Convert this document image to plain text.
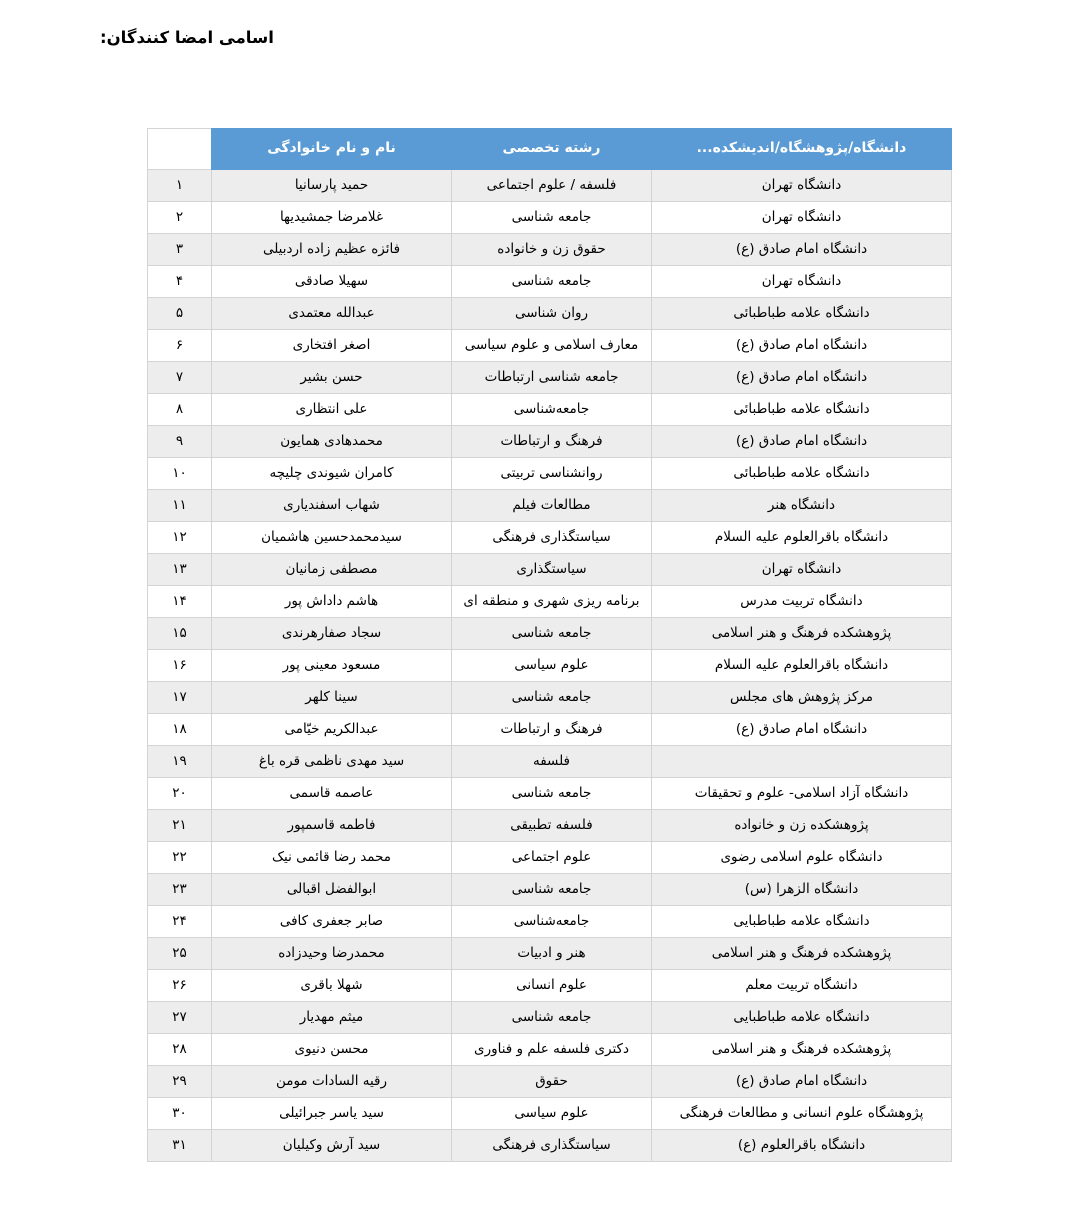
اسامی امضا کنندگان:
دانشگاه/پژوهشگاه/اندیشکده...	رشته تخصصی	نام و نام خانوادگی	
دانشگاه تهران	فلسفه / علوم اجتماعی	حمید پارسانیا	۱
دانشگاه تهران	جامعه شناسی	غلامرضا جمشیدیها	۲
دانشگاه امام صادق (ع)	حقوق زن و خانواده	فائزه عظیم زاده اردبیلی	۳
دانشگاه تهران	جامعه شناسی	سهیلا صادقی	۴
دانشگاه علامه طباطبائی	روان شناسی	عبدالله معتمدی	۵
دانشگاه امام صادق (ع)	معارف اسلامی و علوم سیاسی	اصغر افتخاری	۶
دانشگاه امام صادق (ع)	جامعه شناسی ارتباطات	حسن بشیر	۷
دانشگاه علامه طباطبائی	جامعه‌شناسی	علی انتظاری	۸
دانشگاه امام صادق (ع)	فرهنگ و ارتباطات	محمدهادی همایون	۹
دانشگاه علامه طباطبائی	روانشناسی تربیتی	کامران شیوندی چلیچه	۱۰
دانشگاه هنر	مطالعات فیلم	شهاب اسفندیاری	۱۱
دانشگاه باقرالعلوم علیه السلام	سیاستگذاری فرهنگی	سیدمحمدحسین هاشمیان	۱۲
دانشگاه تهران	سیاستگذاری	مصطفی زمانیان	۱۳
دانشگاه تربیت مدرس	برنامه ریزی شهری و منطقه ای	هاشم داداش پور	۱۴
پژوهشکده فرهنگ و هنر اسلامی	جامعه شناسی	سجاد صفارهرندی	۱۵
دانشگاه باقرالعلوم علیه السلام	علوم سیاسی	مسعود معینی پور	۱۶
مرکز پژوهش های مجلس	جامعه شناسی	سینا کلهر	۱۷
دانشگاه امام صادق (ع)	فرهنگ و ارتباطات	عبدالکریم خیّامی	۱۸
	فلسفه	سید مهدی ناظمی قره باغ	۱۹
دانشگاه آزاد اسلامی- علوم و تحقیقات	جامعه شناسی	عاصمه قاسمی	۲۰
پژوهشکده زن و خانواده	فلسفه تطبیقی	فاطمه قاسمپور	۲۱
دانشگاه علوم اسلامی رضوی	علوم اجتماعی	محمد رضا قائمی نیک	۲۲
دانشگاه الزهرا (س)	جامعه شناسی	ابوالفضل اقبالی	۲۳
دانشگاه علامه طباطبایی	جامعه‌شناسی	صابر جعفری کافی	۲۴
پژوهشکده فرهنگ و هنر اسلامی	هنر و ادبیات	محمدرضا وحیدزاده	۲۵
دانشگاه تربیت معلم	علوم انسانی	شهلا باقری	۲۶
دانشگاه علامه طباطبایی	جامعه شناسی	میثم مهدیار	۲۷
پژوهشکده فرهنگ و هنر اسلامی	دکتری فلسفه علم و فناوری	محسن دنیوی	۲۸
دانشگاه امام صادق (ع)	حقوق	رقیه السادات مومن	۲۹
پژوهشگاه علوم انسانی و مطالعات فرهنگی	علوم سیاسی	سید یاسر جبرائیلی	۳۰
دانشگاه باقرالعلوم (ع)	سیاستگذاری فرهنگی	سید آرش وکیلیان	۳۱
